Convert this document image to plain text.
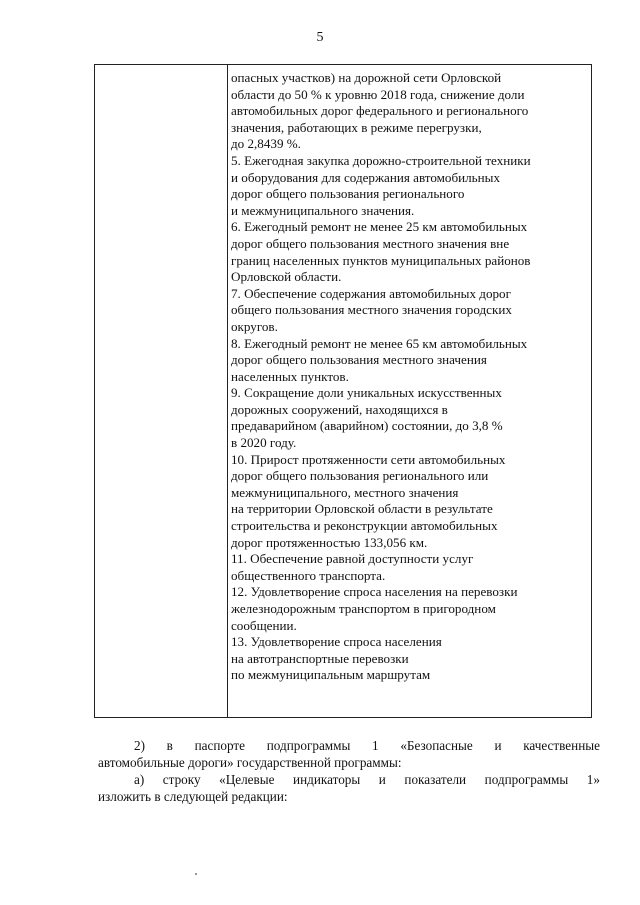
5
опасных участков) на дорожной сети Орловской
области до 50 % к уровню 2018 года, снижение доли
автомобильных дорог федерального и регионального
значения, работающих в режиме перегрузки,
до 2,8439 %.
5. Ежегодная закупка дорожно-строительной техники
и оборудования для содержания автомобильных
дорог общего пользования регионального
и межмуниципального значения.
6. Ежегодный ремонт не менее 25 км автомобильных
дорог общего пользования местного значения вне
границ населенных пунктов муниципальных районов
Орловской области.
7. Обеспечение содержания автомобильных дорог
общего пользования местного значения городских
округов.
8. Ежегодный ремонт не менее 65 км автомобильных
дорог общего пользования местного значения
населенных пунктов.
9. Сокращение доли уникальных искусственных
дорожных сооружений, находящихся в
предаварийном (аварийном) состоянии, до 3,8 %
в 2020 году.
10. Прирост протяженности сети автомобильных
дорог общего пользования регионального или
межмуниципального, местного значения
на территории Орловской области в результате
строительства и реконструкции автомобильных
дорог протяженностью 133,056 км.
11. Обеспечение равной доступности услуг
общественного транспорта.
12. Удовлетворение спроса населения на перевозки
железнодорожным транспортом в пригородном
сообщении.
13. Удовлетворение спроса населения
на автотранспортные перевозки
по межмуниципальным маршрутам

2) в паспорте подпрограммы 1 «Безопасные и качественные
автомобильные дороги» государственной программы:

а) строку «Целевые индикаторы и показатели подпрограммы 1»
изложить в следующей редакции:
